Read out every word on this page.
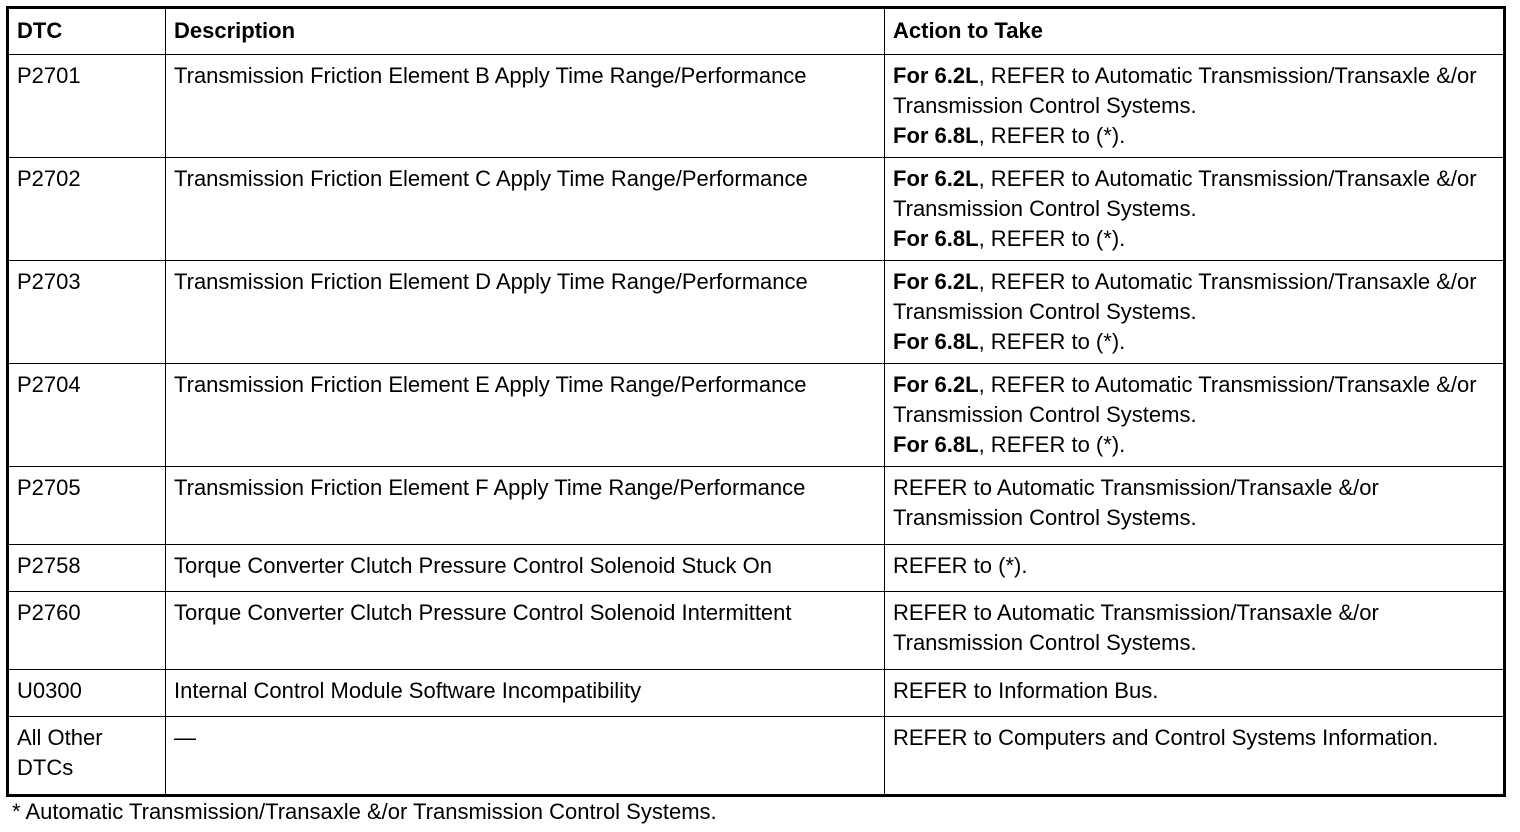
DTC	Description	Action to Take
P2701	Transmission Friction Element B Apply Time Range/Performance	For 6.2L, REFER to Automatic Transmission/Transaxle &/or Transmission Control Systems.
For 6.8L, REFER to (*).

P2702	Transmission Friction Element C Apply Time Range/Performance	For 6.2L, REFER to Automatic Transmission/Transaxle &/or Transmission Control Systems.
For 6.8L, REFER to (*).

P2703	Transmission Friction Element D Apply Time Range/Performance	For 6.2L, REFER to Automatic Transmission/Transaxle &/or Transmission Control Systems.
For 6.8L, REFER to (*).

P2704	Transmission Friction Element E Apply Time Range/Performance	For 6.2L, REFER to Automatic Transmission/Transaxle &/or Transmission Control Systems.
For 6.8L, REFER to (*).

P2705	Transmission Friction Element F Apply Time Range/Performance	REFER to Automatic Transmission/Transaxle &/or Transmission Control Systems.
P2758	Torque Converter Clutch Pressure Control Solenoid Stuck On	REFER to (*).
P2760	Torque Converter Clutch Pressure Control Solenoid Intermittent	REFER to Automatic Transmission/Transaxle &/or Transmission Control Systems.
U0300	Internal Control Module Software Incompatibility	REFER to Information Bus.
All Other DTCs	—	REFER to Computers and Control Systems Information.
* Automatic Transmission/Transaxle &/or Transmission Control Systems.
